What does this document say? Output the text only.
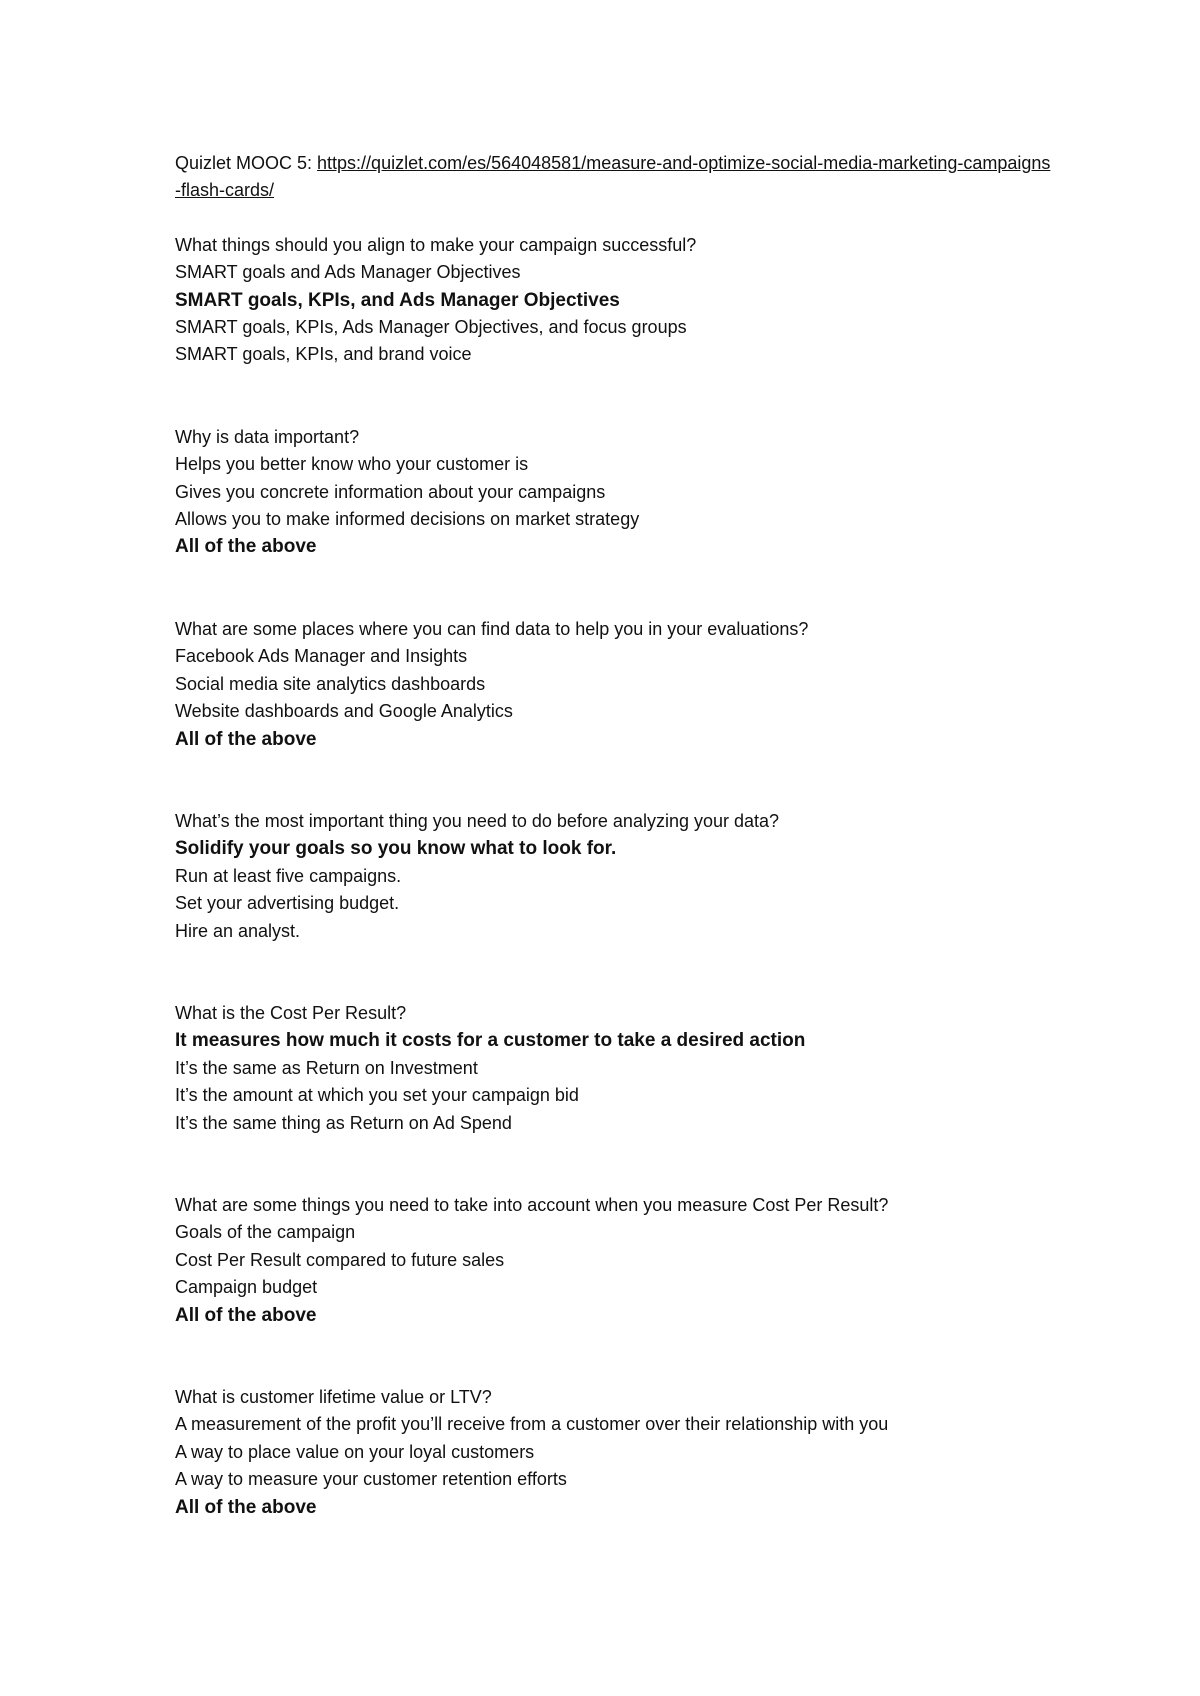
Quizlet MOOC 5: https://quizlet.com/es/564048581/measure-and-optimize-social-media-marketing-campaigns-flash-cards/

What things should you align to make your campaign successful?

SMART goals and Ads Manager Objectives

SMART goals, KPIs, and Ads Manager Objectives

SMART goals, KPIs, Ads Manager Objectives, and focus groups

SMART goals, KPIs, and brand voice

Why is data important?

Helps you better know who your customer is

Gives you concrete information about your campaigns

Allows you to make informed decisions on market strategy

All of the above

What are some places where you can find data to help you in your evaluations?

Facebook Ads Manager and Insights

Social media site analytics dashboards

Website dashboards and Google Analytics

All of the above

What’s the most important thing you need to do before analyzing your data?

Solidify your goals so you know what to look for.

Run at least five campaigns.

Set your advertising budget.

Hire an analyst.

What is the Cost Per Result?

It measures how much it costs for a customer to take a desired action

It’s the same as Return on Investment

It’s the amount at which you set your campaign bid

It’s the same thing as Return on Ad Spend

What are some things you need to take into account when you measure Cost Per Result?

Goals of the campaign

Cost Per Result compared to future sales

Campaign budget

All of the above

What is customer lifetime value or LTV?

A measurement of the profit you’ll receive from a customer over their relationship with you

A way to place value on your loyal customers

A way to measure your customer retention efforts

All of the above
